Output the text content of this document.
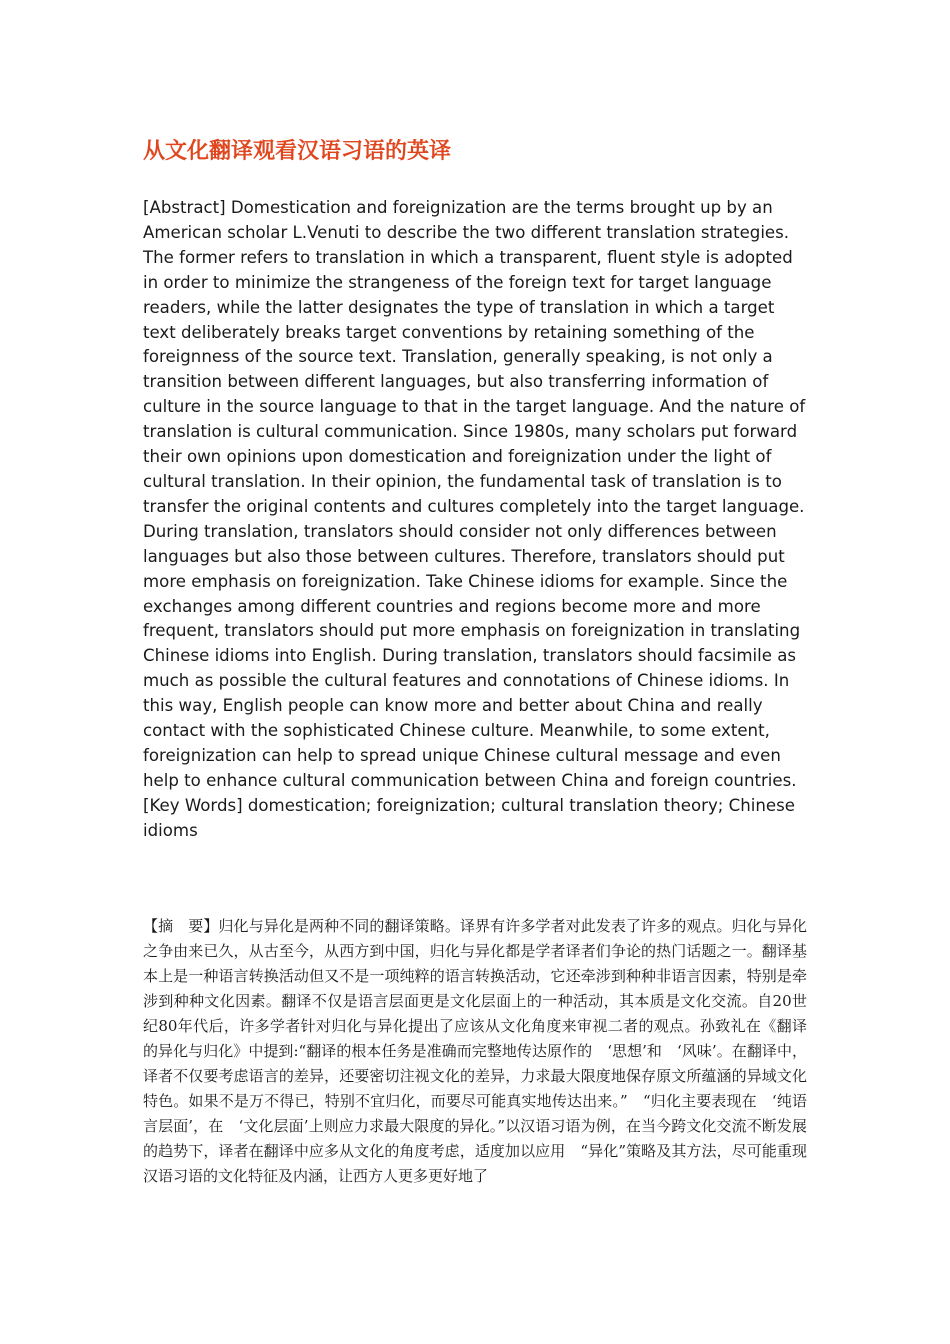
从文化翻译观看汉语习语的英译

[Abstract] Domestication and foreignization are the terms brought up by an American scholar L.Venuti to describe the two different translation strategies. The former refers to translation in which a transparent, fluent style is adopted in order to minimize the strangeness of the foreign text for target language readers, while the latter designates the type of translation in which a target text deliberately breaks target conventions by retaining something of the foreignness of the source text. Translation, generally speaking, is not only a transition between different languages, but also transferring information of culture in the source language to that in the target language. And the nature of translation is cultural communication. Since 1980s, many scholars put forward their own opinions upon domestication and foreignization under the light of cultural translation. In their opinion, the fundamental task of translation is to transfer the original contents and cultures completely into the target language. During translation, translators should consider not only differences between languages but also those between cultures. Therefore, translators should put more emphasis on foreignization. Take Chinese idioms for example. Since the exchanges among different countries and regions become more and more frequent, translators should put more emphasis on foreignization in translating Chinese idioms into English. During translation, translators should facsimile as much as possible the cultural features and connotations of Chinese idioms. In this way, English people can know more and better about China and really contact with the sophisticated Chinese culture. Meanwhile, to some extent, foreignization can help to spread unique Chinese cultural message and even help to enhance cultural communication between China and foreign countries.

[Key Words] domestication; foreignization; cultural translation theory; Chinese idioms

【摘　要】归化与异化是两种不同的翻译策略。译界有许多学者对此发表了许多的观点。归化与异化之争由来已久，从古至今，从西方到中国，归化与异化都是学者译者们争论的热门话题之一。翻译基本上是一种语言转换活动但又不是一项纯粹的语言转换活动，它还牵涉到种种非语言因素，特别是牵涉到种种文化因素。翻译不仅是语言层面更是文化层面上的一种活动，其本质是文化交流。自20世纪80年代后，许多学者针对归化与异化提出了应该从文化角度来审视二者的观点。孙致礼在《翻译的异化与归化》中提到:“翻译的根本任务是准确而完整地传达原作的　‘思想’和　‘风味’。在翻译中，译者不仅要考虑语言的差异，还要密切注视文化的差异，力求最大限度地保存原文所蕴涵的异域文化特色。如果不是万不得已，特别不宜归化，而要尽可能真实地传达出来。”　“归化主要表现在　‘纯语言层面’，在　‘文化层面’上则应力求最大限度的异化。”以汉语习语为例，在当今跨文化交流不断发展的趋势下，译者在翻译中应多从文化的角度考虑，适度加以应用　“异化”策略及其方法，尽可能重现汉语习语的文化特征及内涵，让西方人更多更好地了
